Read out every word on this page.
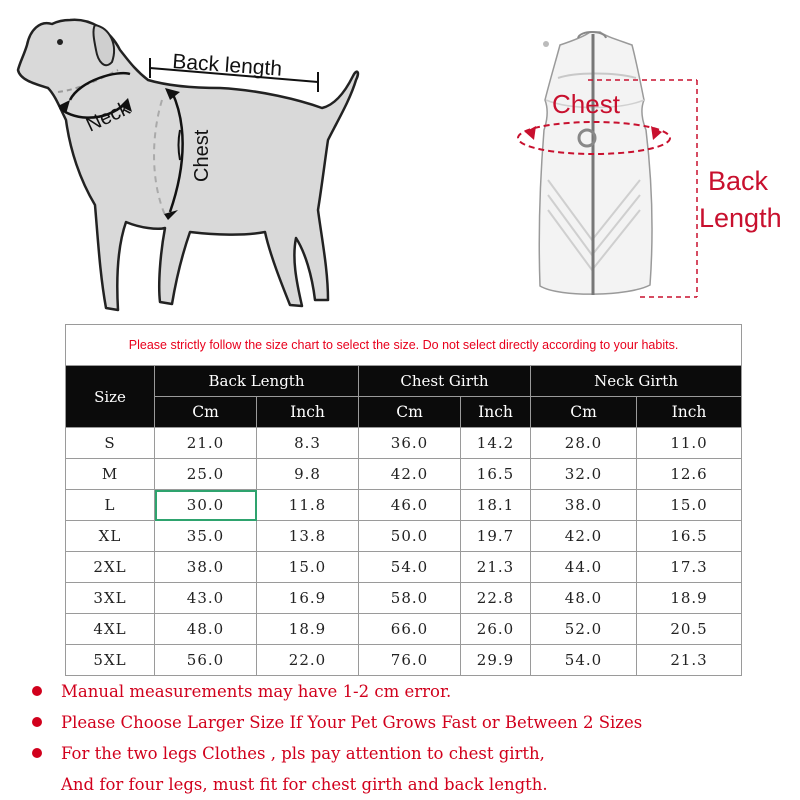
Back length
Neck
Chest
Chest
Back
Length
Please strictly follow the size chart to select the size. Do not select directly according to your habits.						
Size	Back Length		Chest Girth		Neck Girth	
	Cm	Inch	Cm	Inch	Cm	Inch
S	21.0	8.3	36.0	14.2	28.0	11.0
M	25.0	9.8	42.0	16.5	32.0	12.6
L	30.0	11.8	46.0	18.1	38.0	15.0
XL	35.0	13.8	50.0	19.7	42.0	16.5
2XL	38.0	15.0	54.0	21.3	44.0	17.3
3XL	43.0	16.9	58.0	22.8	48.0	18.9
4XL	48.0	18.9	66.0	26.0	52.0	20.5
5XL	56.0	22.0	76.0	29.9	54.0	21.3
Manual measurements may have 1-2 cm error.
Please Choose Larger Size If Your Pet Grows Fast or Between 2 Sizes
For the two legs Clothes , pls pay attention to chest girth,
And for four legs, must fit for chest girth and back length.
